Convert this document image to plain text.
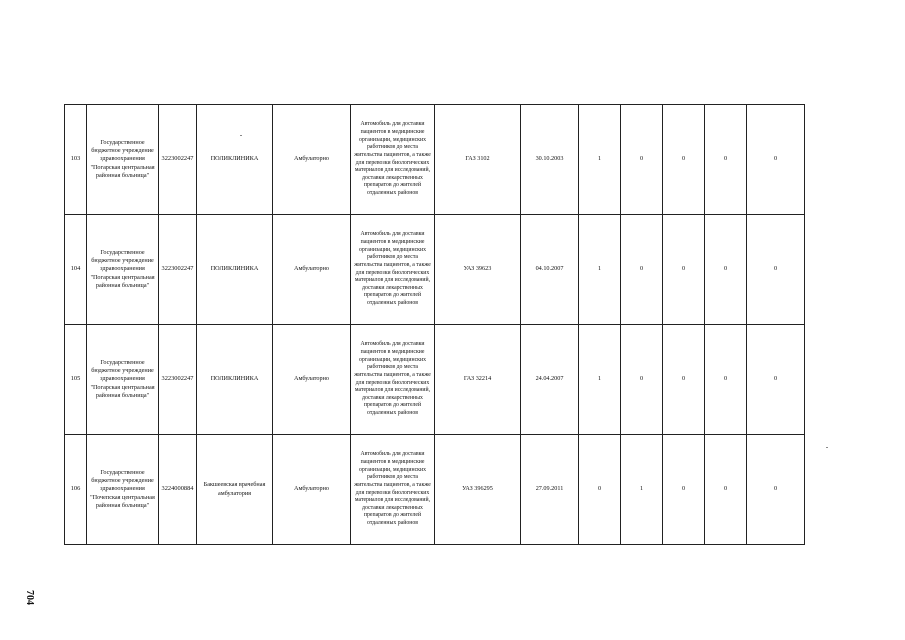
103	Государственное бюджетное учреждение здравоохранения "Погарская центральная районная больница"	3223002247	ПОЛИКЛИНИКА	Амбулаторно	Автомобиль для доставки пациентов в медицинские организации, медицинских работников до места жительства пациентов, а также для перевозки биологических материалов для исследований, доставки лекарственных препаратов до жителей отдаленных районов	ГАЗ 3102	30.10.2003	1	0	0	0	0
104	Государственное бюджетное учреждение здравоохранения "Погарская центральная районная больница"	3223002247	ПОЛИКЛИНИКА	Амбулаторно	Автомобиль для доставки пациентов в медицинские организации, медицинских работников до места жительства пациентов, а также для перевозки биологических материалов для исследований, доставки лекарственных препаратов до жителей отдаленных районов	УАЗ 39623	04.10.2007	1	0	0	0	0
105	Государственное бюджетное учреждение здравоохранения "Погарская центральная районная больница"	3223002247	ПОЛИКЛИНИКА	Амбулаторно	Автомобиль для доставки пациентов в медицинские организации, медицинских работников до места жительства пациентов, а также для перевозки биологических материалов для исследований, доставки лекарственных препаратов до жителей отдаленных районов	ГАЗ 32214	24.04.2007	1	0	0	0	0
106	Государственное бюджетное учреждение здравоохранения "Почепская центральная районная больница"	3224000884	Бакшеевская врачебная амбулатория	Амбулаторно	Автомобиль для доставки пациентов в медицинские организации, медицинских работников до места жительства пациентов, а также для перевозки биологических материалов для исследований, доставки лекарственных препаратов до жителей отдаленных районов	УАЗ 396295	27.09.2011	0	1	0	0	0
704
